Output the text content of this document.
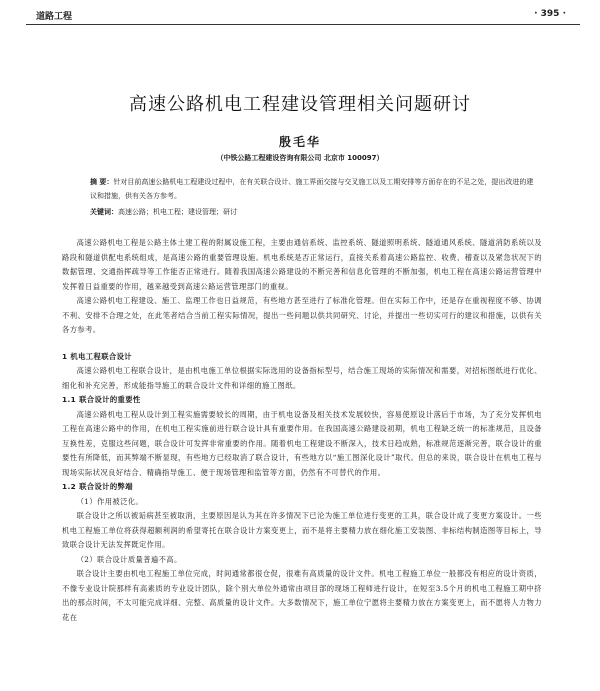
道路工程	· 395 ·
高速公路机电工程建设管理相关问题研讨
殷毛华
（中铁公路工程建设咨询有限公司 北京市 100097）
摘 要：针对目前高速公路机电工程建设过程中，在有关联合设计、施工界面交接与交叉施工以及工期安排等方面存在的不足之处，提出改进的建议和措施，供有关各方参考。
关键词：高速公路；机电工程；建设管理；研讨

高速公路机电工程是公路主体土建工程的附属设施工程，主要由通信系统、监控系统、隧道照明系统、隧道通风系统、隧道消防系统以及路段和隧道供配电系统组成，是高速公路的重要管理设施。机电系统是否正常运行，直接关系着高速公路监控、收费、稽查以及紧急状况下的数据管理、交通指挥疏导等工作能否正常进行。随着我国高速公路建设的不断完善和信息化管理的不断加强，机电工程在高速公路运营管理中发挥着日益重要的作用，越来越受到高速公路运营管理部门的重视。

高速公路机电工程建设、施工、监理工作也日益规范，有些地方甚至进行了标准化管理。但在实际工作中，还是存在重视程度不够、协调不利、安排不合理之处，在此笔者结合当前工程实际情况，提出一些问题以供共同研究、讨论，并提出一些切实可行的建议和措施，以供有关各方参考。

1 机电工程联合设计

高速公路机电工程联合设计，是由机电施工单位根据实际选用的设备指标型号，结合施工现场的实际情况和需要，对招标图纸进行优化、细化和补充完善，形成能指导施工的联合设计文件和详细的施工图纸。

1.1 联合设计的重要性

高速公路机电工程从设计到工程实施需要较长的周期，由于机电设备及相关技术发展较快，容易使原设计落后于市场，为了充分发挥机电工程在高速公路中的作用，在机电工程实施前进行联合设计具有重要作用。在我国高速公路建设初期，机电工程缺乏统一的标准规范，且设备互换性差，克服这些问题，联合设计可发挥非常重要的作用。随着机电工程建设不断深入，技术日趋成熟，标准规范逐渐完善，联合设计的重要性有所降低，而其弊端不断显现，有些地方已经取消了联合设计，有些地方以“施工图深化设计”取代。但总的来说，联合设计在机电工程与现场实际状况良好结合、精确指导施工、便于现场管理和监管等方面，仍然有不可替代的作用。

1.2 联合设计的弊端

（1）作用被泛化。

联合设计之所以被诟病甚至被取消，主要原因是认为其在许多情况下已沦为施工单位进行变更的工具，联合设计成了变更方案设计。一些机电工程施工单位将获得超额利润的希望寄托在联合设计方案变更上，而不是将主要精力放在细化施工安装图、非标结构制造图等目标上，导致联合设计无法发挥既定作用。

（2）联合设计质量普遍不高。

联合设计主要由机电工程施工单位完成，时间通常都很仓促，很难有高质量的设计文件。机电工程施工单位一般都没有相应的设计资质，不像专业设计院那样有高素质的专业设计团队，除个别大单位外通常由项目部的现场工程师进行设计，在短至3.5个月的机电工程施工期中挤出的那点时间，不太可能完成详细、完整、高质量的设计文件。大多数情况下，施工单位宁愿将主要精力放在方案变更上，而不愿将人力物力花在
